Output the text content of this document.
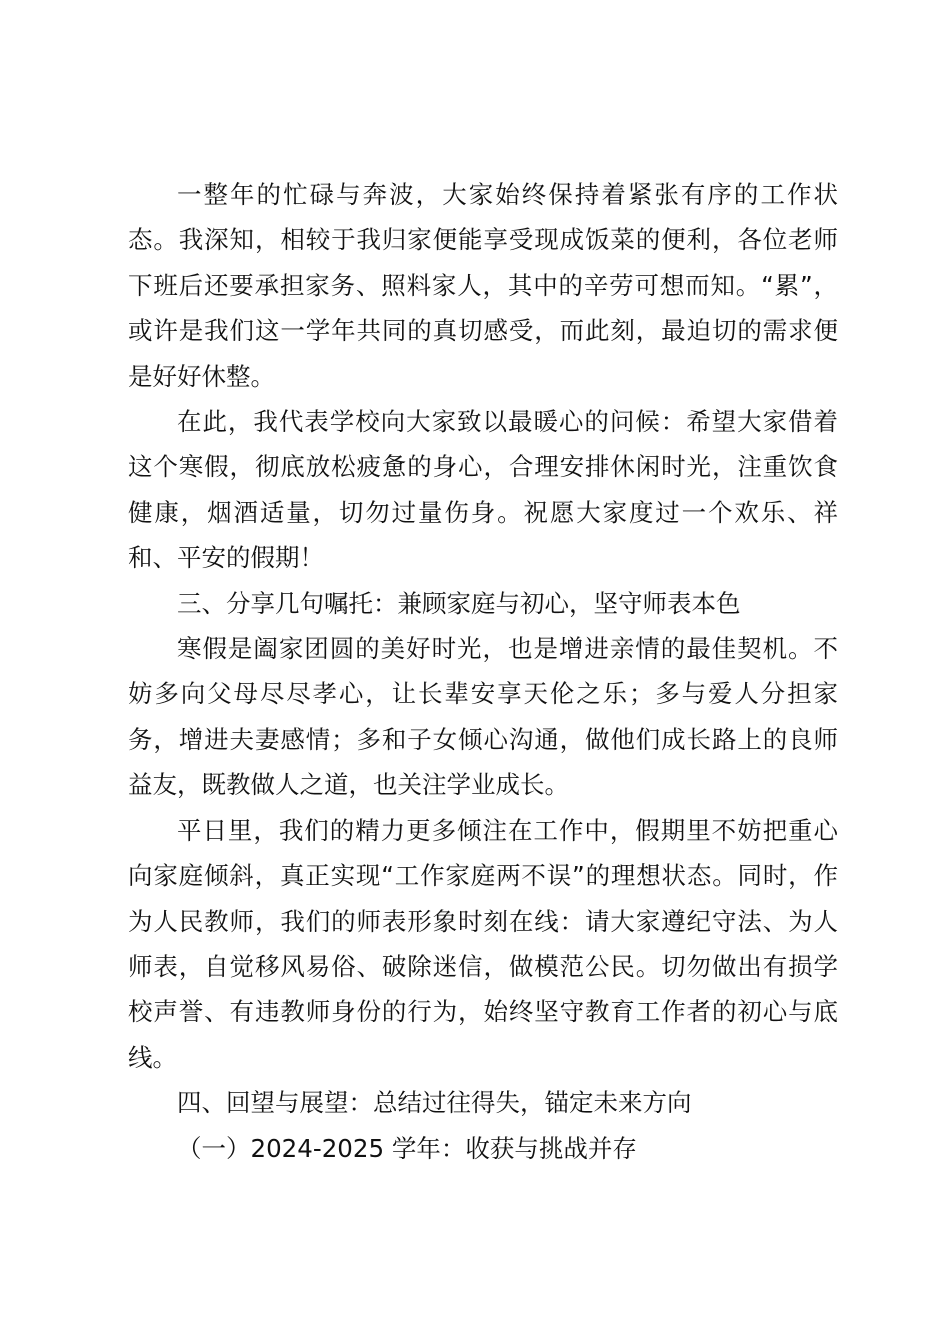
一整年的忙碌与奔波，大家始终保持着紧张有序的工作状态。我深知，相较于我归家便能享受现成饭菜的便利，各位老师下班后还要承担家务、照料家人，其中的辛劳可想而知。“累”，或许是我们这一学年共同的真切感受，而此刻，最迫切的需求便是好好休整。

在此，我代表学校向大家致以最暖心的问候：希望大家借着这个寒假，彻底放松疲惫的身心，合理安排休闲时光，注重饮食健康，烟酒适量，切勿过量伤身。祝愿大家度过一个欢乐、祥和、平安的假期！

三、分享几句嘱托：兼顾家庭与初心，坚守师表本色

寒假是阖家团圆的美好时光，也是增进亲情的最佳契机。不妨多向父母尽尽孝心，让长辈安享天伦之乐；多与爱人分担家务，增进夫妻感情；多和子女倾心沟通，做他们成长路上的良师益友，既教做人之道，也关注学业成长。

平日里，我们的精力更多倾注在工作中，假期里不妨把重心向家庭倾斜，真正实现“工作家庭两不误”的理想状态。同时，作为人民教师，我们的师表形象时刻在线：请大家遵纪守法、为人师表，自觉移风易俗、破除迷信，做模范公民。切勿做出有损学校声誉、有违教师身份的行为，始终坚守教育工作者的初心与底线。

四、回望与展望：总结过往得失，锚定未来方向

（一）2024-2025 学年：收获与挑战并存
